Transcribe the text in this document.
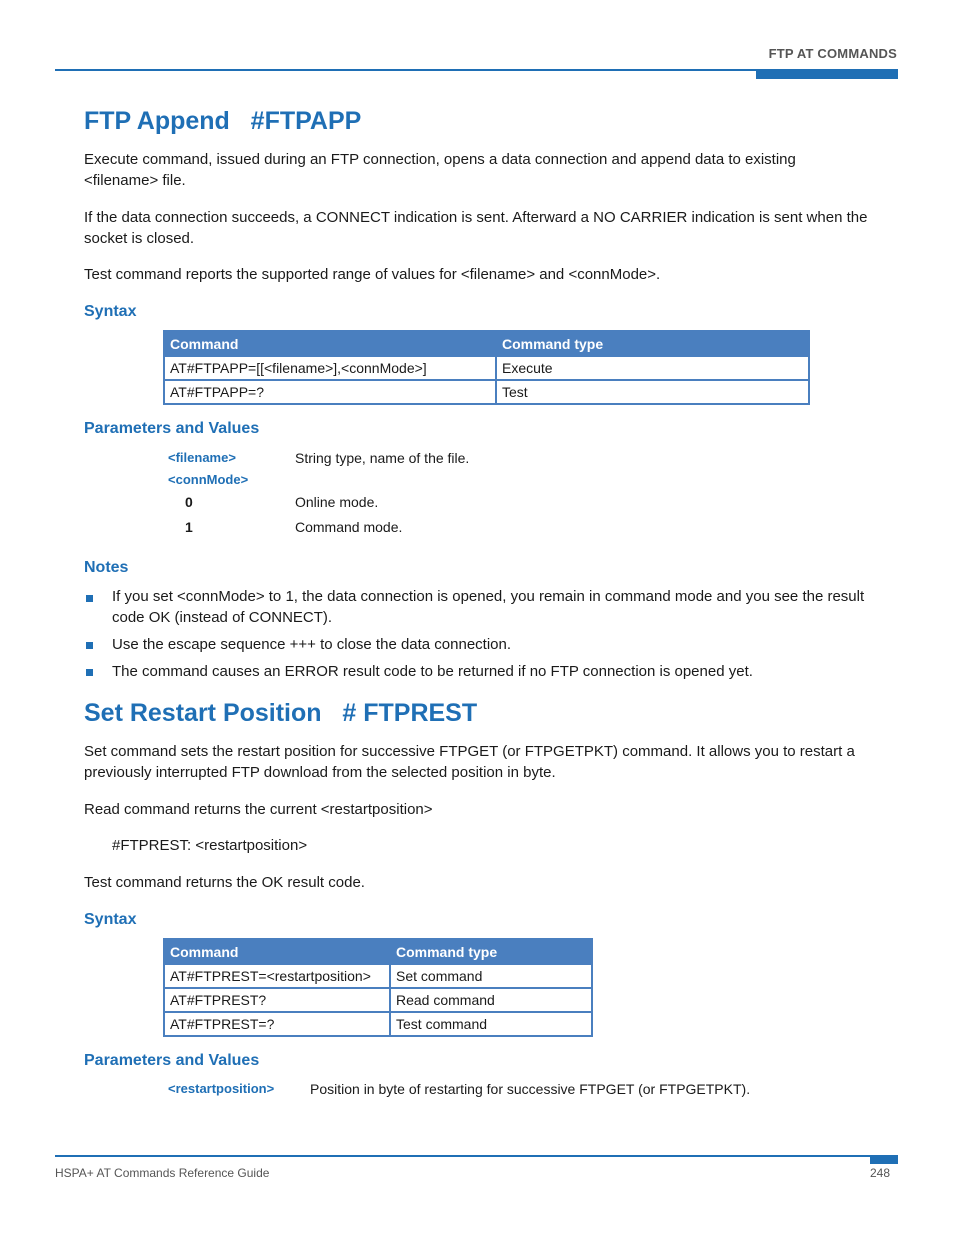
FTP AT COMMANDS
FTP Append   #FTPAPP
Execute command, issued during an FTP connection, opens a data connection and append data to existing <filename> file.
If the data connection succeeds, a CONNECT indication is sent. Afterward a NO CARRIER indication is sent when the socket is closed.
Test command reports the supported range of values for <filename> and <connMode>.
Syntax
Command	Command type
AT#FTPAPP=[[<filename>],<connMode>]	Execute
AT#FTPAPP=?	Test
Parameters and Values
<filename>	String type, name of the file.
<connMode>
0	Online mode.
1	Command mode.
Notes
If you set <connMode> to 1, the data connection is opened, you remain in command mode and you see the result code OK (instead of CONNECT).
Use the escape sequence +++ to close the data connection.
The command causes an ERROR result code to be returned if no FTP connection is opened yet.
Set Restart Position   # FTPREST
Set command sets the restart position for successive FTPGET (or FTPGETPKT) command. It allows you to restart a previously interrupted FTP download from the selected position in byte.
Read command returns the current <restartposition>
#FTPREST: <restartposition>
Test command returns the OK result code.
Syntax
Command	Command type
AT#FTPREST=<restartposition>	Set command
AT#FTPREST?	Read command
AT#FTPREST=?	Test command
Parameters and Values
<restartposition>	Position in byte of restarting for successive FTPGET (or FTPGETPKT).
HSPA+ AT Commands Reference Guide	248
